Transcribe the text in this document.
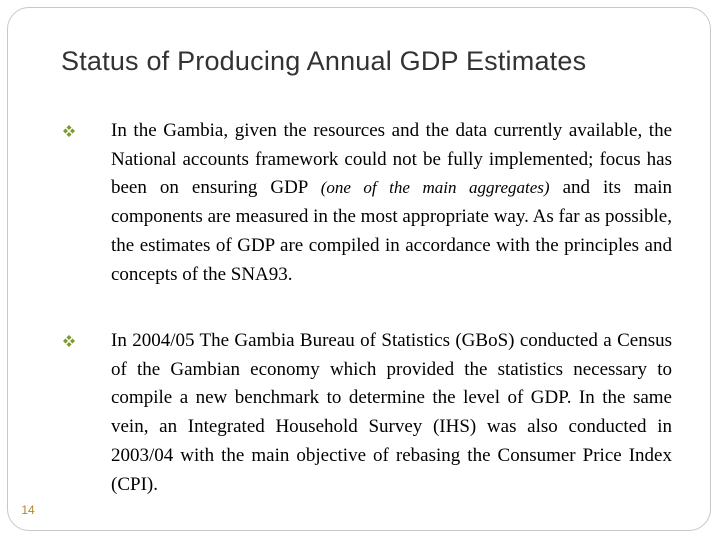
Status of Producing Annual GDP Estimates

In the Gambia, given the resources and the data currently available, the National accounts framework could not be fully implemented; focus has been on ensuring GDP (one of the main aggregates) and its main components are measured in the most appropriate way. As far as possible, the estimates of GDP are compiled in accordance with the principles and concepts of the SNA93.

In 2004/05 The Gambia Bureau of Statistics (GBoS) conducted a Census of the Gambian economy which provided the statistics necessary to compile a new benchmark to determine the level of GDP. In the same vein, an Integrated Household Survey (IHS) was also conducted in 2003/04 with the main objective of rebasing the Consumer Price Index (CPI).

14
